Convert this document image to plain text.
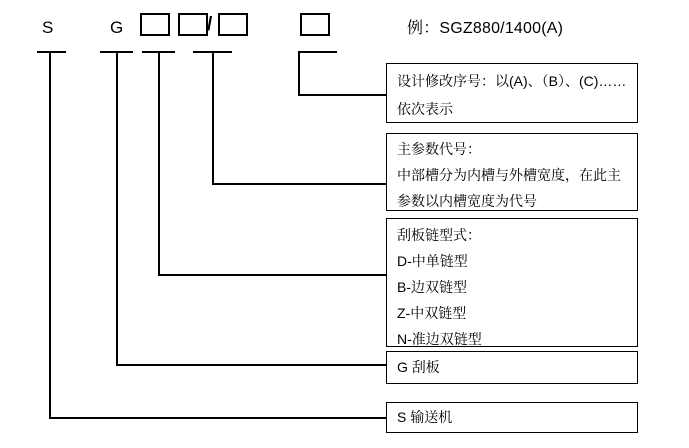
S	G	/	例：SGZ880/1400(A)
设计修改序号：以(A)、（B）、(C)……
依次表示
主参数代号：
中部槽分为内槽与外槽宽度，在此主
参数以内槽宽度为代号
刮板链型式：
D-中单链型
B-边双链型
Z-中双链型
N-准边双链型
G 刮板
S 输送机
